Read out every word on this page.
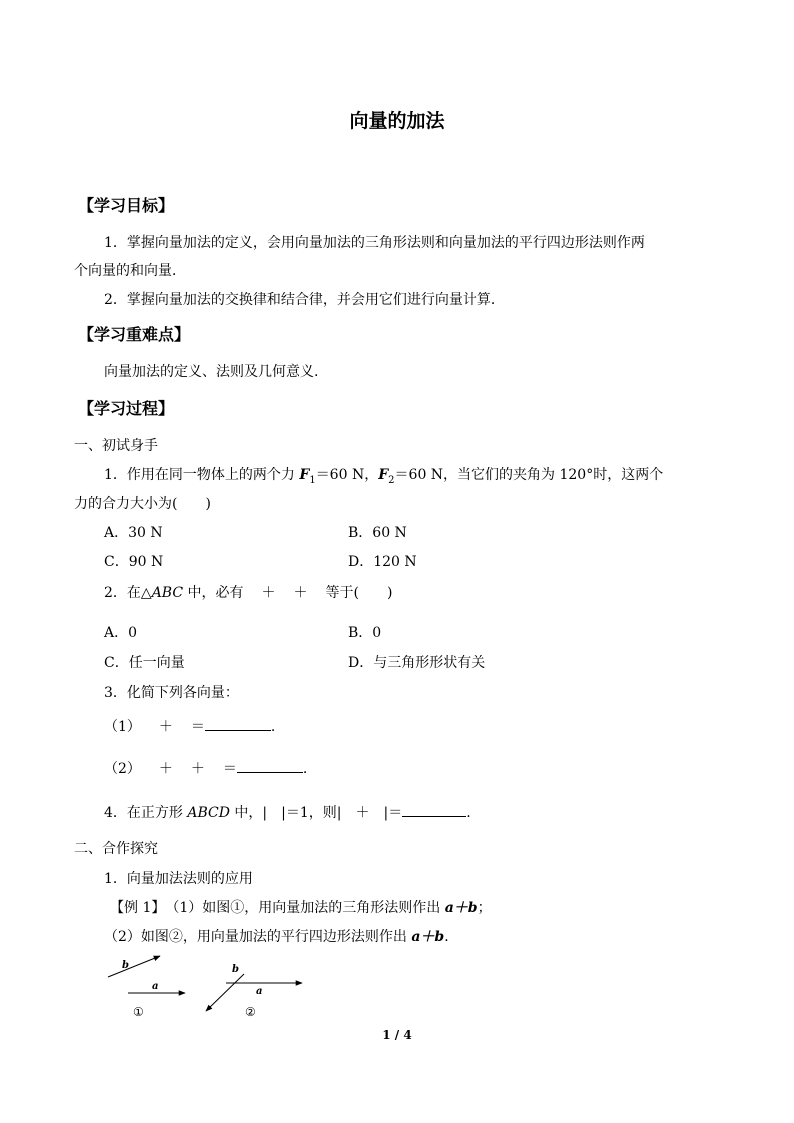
向量的加法
【学习目标】
1．掌握向量加法的定义，会用向量加法的三角形法则和向量加法的平行四边形法则作两
个向量的和向量．
2．掌握向量加法的交换律和结合律，并会用它们进行向量计算．
【学习重难点】
向量加法的定义、法则及几何意义.
【学习过程】
一、初试身手
1．作用在同一物体上的两个力 $F_1=60$ N，$F_2=60$ N，当它们的夹角为 120°时，这两个
力的合力大小为(　　)
A．30 N	B．60 N
C．90 N	D．120 N
2．在△ABC 中，必有 ＋ ＋ 等于(　　)
A．0	B．0
C．任一向量	D．与三角形形状有关
3．化简下列各向量：
（1） ＋ ＝	.
（2） ＋ ＋ ＝	.
4．在正方形 ABCD 中，| |＝1，则| ＋ |＝	.
二、合作探究
1．向量加法法则的应用
【例 1】　（1）如图①，用向量加法的三角形法则作出 a＋b；
（2）如图②，用向量加法的平行四边形法则作出 a＋b．
b
a
①
b
a
②
1 / 4
